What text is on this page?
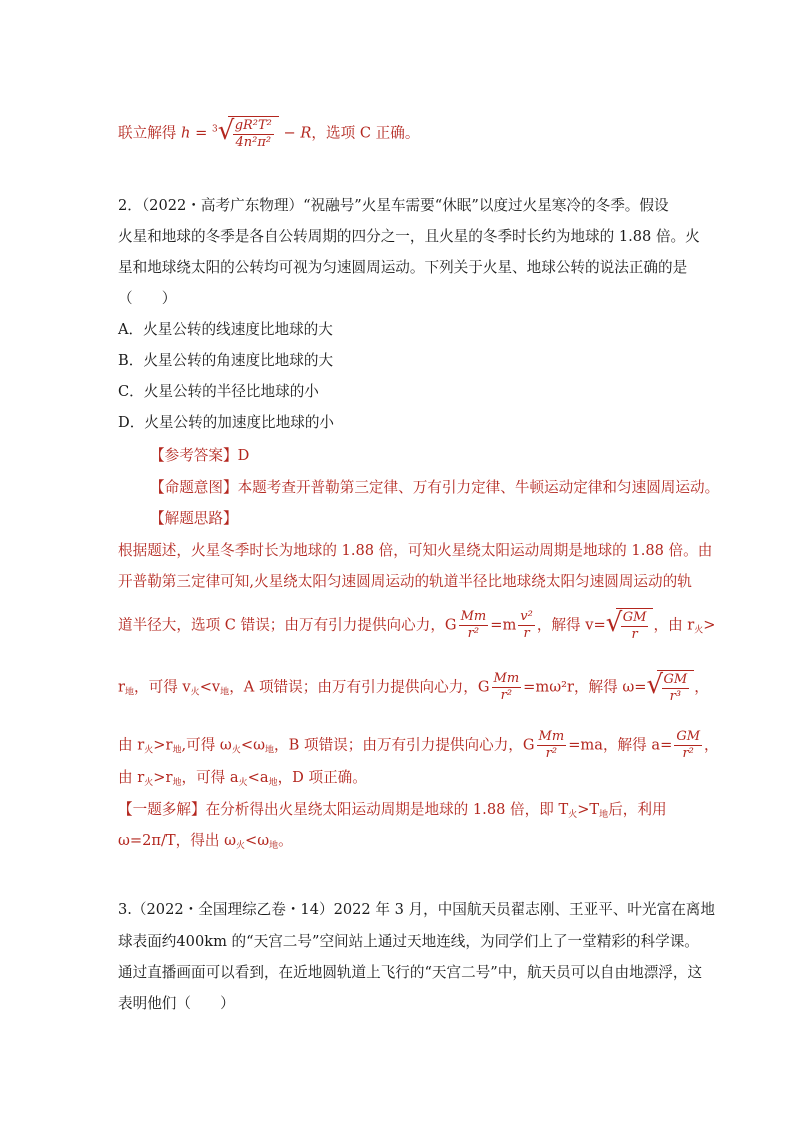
联立解得 h = $^3$ √
$\frac{\text{gR²T²}}{\text{4n²π²}} - R$，选项 C 正确。
2．（2022・高考广东物理）“祝融号”火星车需要“休眠”以度过火星寒冷的冬季。假设
火星和地球的冬季是各自公转周期的四分之一，且火星的冬季时长约为地球的 1.88 倍。火
星和地球绕太阳的公转均可视为匀速圆周运动。下列关于火星、地球公转的说法正确的是
（　　）
A．火星公转的线速度比地球的大
B．火星公转的角速度比地球的大
C．火星公转的半径比地球的小
D．火星公转的加速度比地球的小
【参考答案】D
【命题意图】本题考查开普勒第三定律、万有引力定律、牛顿运动定律和匀速圆周运动。
【解题思路】
根据题述，火星冬季时长为地球的 1.88 倍，可知火星绕太阳运动周期是地球的 1.88 倍。由
开普勒第三定律可知,火星绕太阳匀速圆周运动的轨道半径比地球绕太阳匀速圆周运动的轨
道半径大，选项 C 错误；由万有引力提供向心力，G $\frac{Mm}{\text{r²}} =m \frac{\text{v²}}{r}$ ，解得 v= √
$\frac{GM}{r}$ ，由 $r_火>$
$r_地$，可得 $v_火<v_地$，A 项错误；由万有引力提供向心力，G $\frac{Mm}{\text{r²}} =m\omega^2r$，解得 ω= √
$\frac{GM}{\text{r³}}$ ，
由 $r_火>r_地$,可得 $\omega_火<\omega_地$，B 项错误；由万有引力提供向心力，G $\frac{Mm}{\text{r²}} =ma$，解得 $a= \frac{GM}{\text{r²}}$ ，
由 $r_火>r_地$，可得 $a_火<a_地$，D 项正确。
【一题多解】在分析得出火星绕太阳运动周期是地球的 1.88 倍，即 $T_火>T_地$后，利用
ω=2π/T，得出 $\omega_火<\omega_地$。
3.（2022・全国理综乙卷・14）2022 年 3 月，中国航天员翟志刚、王亚平、叶光富在离地
球表面约400km 的“天宫二号”空间站上通过天地连线，为同学们上了一堂精彩的科学课。
通过直播画面可以看到，在近地圆轨道上飞行的“天宫二号”中，航天员可以自由地漂浮，这
表明他们（　　）
